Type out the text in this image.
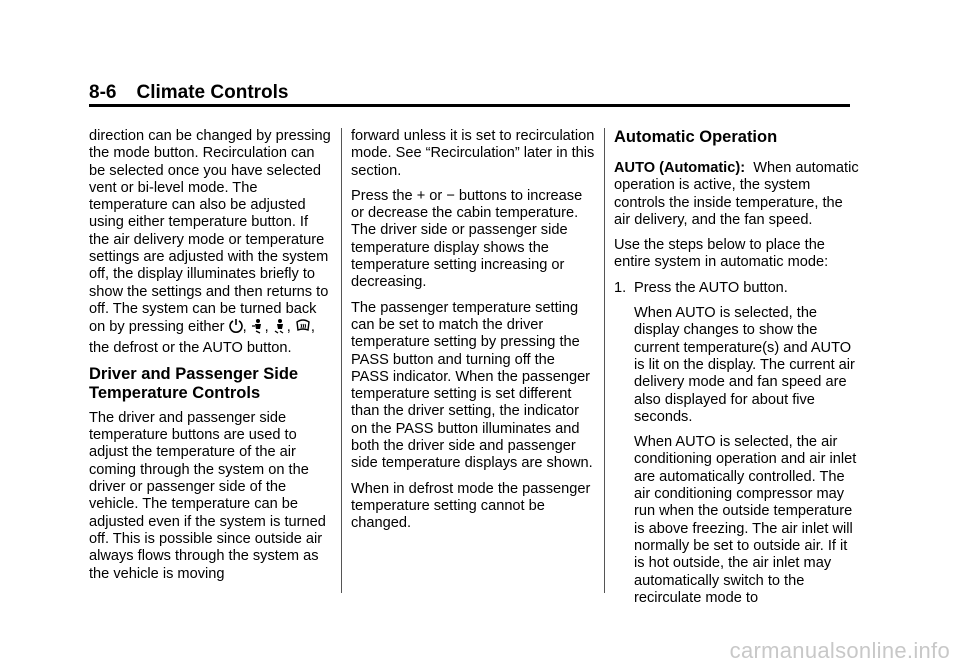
8-6 Climate Controls

direction can be changed by pressing the mode button. Recirculation can be selected once you have selected vent or bi-level mode. The temperature can also be adjusted using either temperature button. If the air delivery mode or temperature settings are adjusted with the system off, the display illuminates briefly to show the settings and then returns to off. The system can be turned back on by pressing either , , , , the defrost or the AUTO button.

Driver and Passenger Side Temperature Controls

The driver and passenger side temperature buttons are used to adjust the temperature of the air coming through the system on the driver or passenger side of the vehicle. The temperature can be adjusted even if the system is turned off. This is possible since outside air always flows through the system as the vehicle is moving

forward unless it is set to recirculation mode. See “Recirculation” later in this section.

Press the + or − buttons to increase or decrease the cabin temperature. The driver side or passenger side temperature display shows the temperature setting increasing or decreasing.

The passenger temperature setting can be set to match the driver temperature setting by pressing the PASS button and turning off the PASS indicator. When the passenger temperature setting is set different than the driver setting, the indicator on the PASS button illuminates and both the driver side and passenger side temperature displays are shown.

When in defrost mode the passenger temperature setting cannot be changed.

Automatic Operation

AUTO (Automatic): When automatic operation is active, the system controls the inside temperature, the air delivery, and the fan speed.

Use the steps below to place the entire system in automatic mode:

1. Press the AUTO button.

When AUTO is selected, the display changes to show the current temperature(s) and AUTO is lit on the display. The current air delivery mode and fan speed are also displayed for about five seconds.

When AUTO is selected, the air conditioning operation and air inlet are automatically controlled. The air conditioning compressor may run when the outside temperature is above freezing. The air inlet will normally be set to outside air. If it is hot outside, the air inlet may automatically switch to the recirculate mode to

carmanualsonline.info
